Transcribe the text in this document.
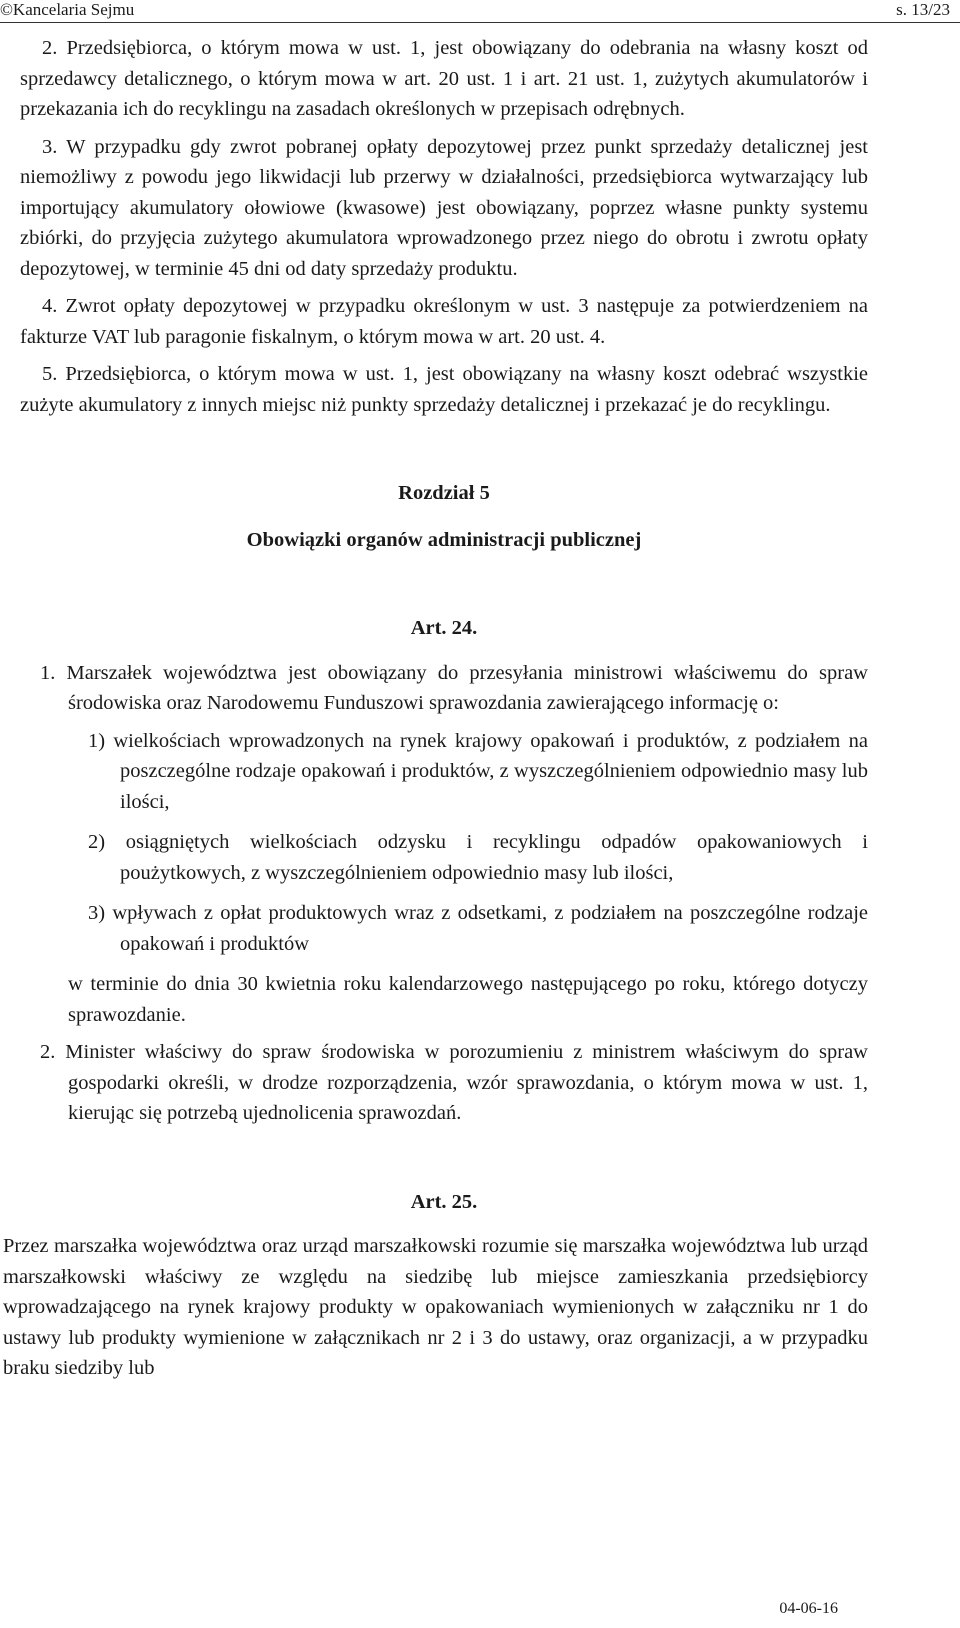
©Kancelaria Sejmu	s. 13/23

2. Przedsiębiorca, o którym mowa w ust. 1, jest obowiązany do odebrania na własny koszt od sprzedawcy detalicznego, o którym mowa w art. 20 ust. 1 i art. 21 ust. 1, zużytych akumulatorów i przekazania ich do recyklingu na zasadach określonych w przepisach odrębnych.

3. W przypadku gdy zwrot pobranej opłaty depozytowej przez punkt sprzedaży detalicznej jest niemożliwy z powodu jego likwidacji lub przerwy w działalności, przedsiębiorca wytwarzający lub importujący akumulatory ołowiowe (kwasowe) jest obowiązany, poprzez własne punkty systemu zbiórki, do przyjęcia zużytego akumulatora wprowadzonego przez niego do obrotu i zwrotu opłaty depozytowej, w terminie 45 dni od daty sprzedaży produktu.

4. Zwrot opłaty depozytowej w przypadku określonym w ust. 3 następuje za potwierdzeniem na fakturze VAT lub paragonie fiskalnym, o którym mowa w art. 20 ust. 4.

5. Przedsiębiorca, o którym mowa w ust. 1, jest obowiązany na własny koszt odebrać wszystkie zużyte akumulatory z innych miejsc niż punkty sprzedaży detalicznej i przekazać je do recyklingu.

Rozdział 5

Obowiązki organów administracji publicznej

Art. 24.

1. Marszałek województwa jest obowiązany do przesyłania ministrowi właściwemu do spraw środowiska oraz Narodowemu Funduszowi sprawozdania zawierającego informację o:

1) wielkościach wprowadzonych na rynek krajowy opakowań i produktów, z podziałem na poszczególne rodzaje opakowań i produktów, z wyszczególnieniem odpowiednio masy lub ilości,

2) osiągniętych wielkościach odzysku i recyklingu odpadów opakowaniowych i poużytkowych, z wyszczególnieniem odpowiednio masy lub ilości,

3) wpływach z opłat produktowych wraz z odsetkami, z podziałem na poszczególne rodzaje opakowań i produktów

w terminie do dnia 30 kwietnia roku kalendarzowego następującego po roku, którego dotyczy sprawozdanie.

2. Minister właściwy do spraw środowiska w porozumieniu z ministrem właściwym do spraw gospodarki określi, w drodze rozporządzenia, wzór sprawozdania, o którym mowa w ust. 1, kierując się potrzebą ujednolicenia sprawozdań.

Art. 25.

Przez marszałka województwa oraz urząd marszałkowski rozumie się marszałka województwa lub urząd marszałkowski właściwy ze względu na siedzibę lub miejsce zamieszkania przedsiębiorcy wprowadzającego na rynek krajowy produkty w opakowaniach wymienionych w załączniku nr 1 do ustawy lub produkty wymienione w załącznikach nr 2 i 3 do ustawy, oraz organizacji, a w przypadku braku siedziby lub

04-06-16
